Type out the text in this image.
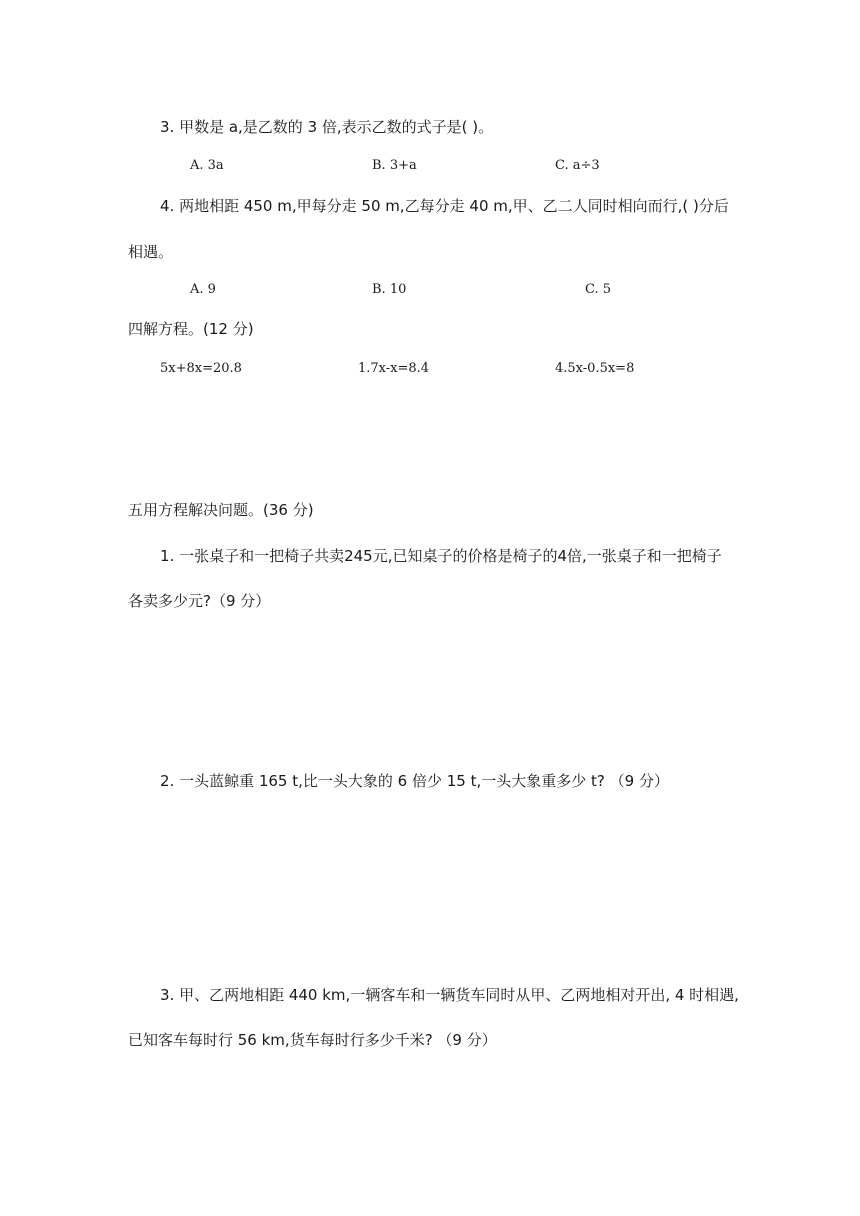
3. 甲数是 a,是乙数的 3 倍,表示乙数的式子是( )。
A. 3a	B. 3+a	C. a÷3
4. 两地相距 450 m,甲每分走 50 m,乙每分走 40 m,甲、乙二人同时相向而行,( )分后
相遇。
A. 9	B. 10	C. 5
四解方程。(12 分)
5x+8x=20.8	1.7x-x=8.4	4.5x-0.5x=8
五用方程解决问题。(36 分)
1. 一张桌子和一把椅子共卖245元,已知桌子的价格是椅子的4倍,一张桌子和一把椅子
各卖多少元?（9 分）
2. 一头蓝鲸重 165 t,比一头大象的 6 倍少 15 t,一头大象重多少 t? （9 分）
3. 甲、乙两地相距 440 km,一辆客车和一辆货车同时从甲、乙两地相对开出, 4 时相遇,
已知客车每时行 56 km,货车每时行多少千米? （9 分）
